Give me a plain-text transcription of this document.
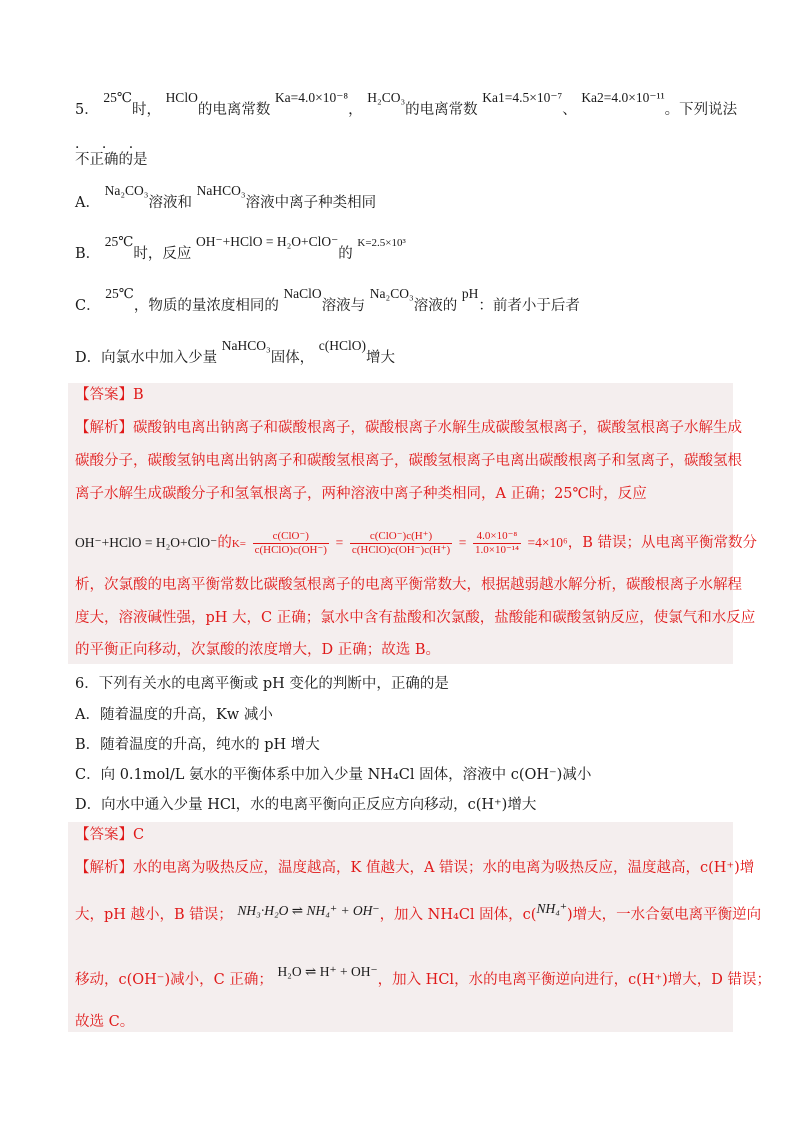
5． 25℃时， HClO的电离常数 Ka=4.0×10⁻⁸， H₂CO₃的电离常数 Ka1=4.5×10⁻⁷、 Ka2=4.0×10⁻¹¹。下列说法
· · ·
不正确的是
A． Na₂CO₃溶液和 NaHCO₃溶液中离子种类相同
B． 25℃时，反应 OH⁻+HClO = H₂O+ClO⁻的 $^{K=2.5\times 10^3}$
C． 25℃，物质的量浓度相同的 NaClO溶液与 Na₂CO₃溶液的 pH：前者小于后者
D．向氯水中加入少量 NaHCO₃固体， c(HClO)增大
【答案】B
【解析】碳酸钠电离出钠离子和碳酸根离子，碳酸根离子水解生成碳酸氢根离子，碳酸氢根离子水解生成
碳酸分子，碳酸氢钠电离出钠离子和碳酸氢根离子，碳酸氢根离子电离出碳酸根离子和氢离子，碳酸氢根
离子水解生成碳酸分子和氢氧根离子，两种溶液中离子种类相同，A 正确；25℃时，反应
OH⁻+HClO = H₂O+ClO⁻的$K= \frac{\text{c(ClO⁻)}}{\text{c(HClO)c(OH⁻)}} = \frac{\text{c(ClO⁻)c(H⁺)}}{\text{c(HClO)c(OH⁻)c(H⁺)}} = \frac{\text{4.0×10⁻⁸}}{\text{1.0×10⁻¹⁴}} =4\times 10^6$，B 错误；从电离平衡常数分
析，次氯酸的电离平衡常数比碳酸氢根离子的电离平衡常数大，根据越弱越水解分析，碳酸根离子水解程
度大，溶液碱性强，pH 大，C 正确；氯水中含有盐酸和次氯酸，盐酸能和碳酸氢钠反应，使氯气和水反应
的平衡正向移动，次氯酸的浓度增大，D 正确；故选 B。
6．下列有关水的电离平衡或 pH 变化的判断中，正确的是
A．随着温度的升高，Kw 减小
B．随着温度的升高，纯水的 pH 增大
C．向 0.1mol/L 氨水的平衡体系中加入少量 NH₄Cl 固体，溶液中 c(OH⁻)减小
D．向水中通入少量 HCl，水的电离平衡向正反应方向移动，c(H⁺)增大
【答案】C
【解析】水的电离为吸热反应，温度越高，K 值越大，A 错误；水的电离为吸热反应，温度越高，c(H⁺)增
大，pH 越小，B 错误； NH₃·H₂O ⇌ NH₄⁺ + OH⁻，加入 NH₄Cl 固体，c(NH₄⁺)增大，一水合氨电离平衡逆向
移动，c(OH⁻)减小，C 正确； H₂O ⇌ H⁺ + OH⁻，加入 HCl，水的电离平衡逆向进行，c(H⁺)增大，D 错误；
故选 C。
